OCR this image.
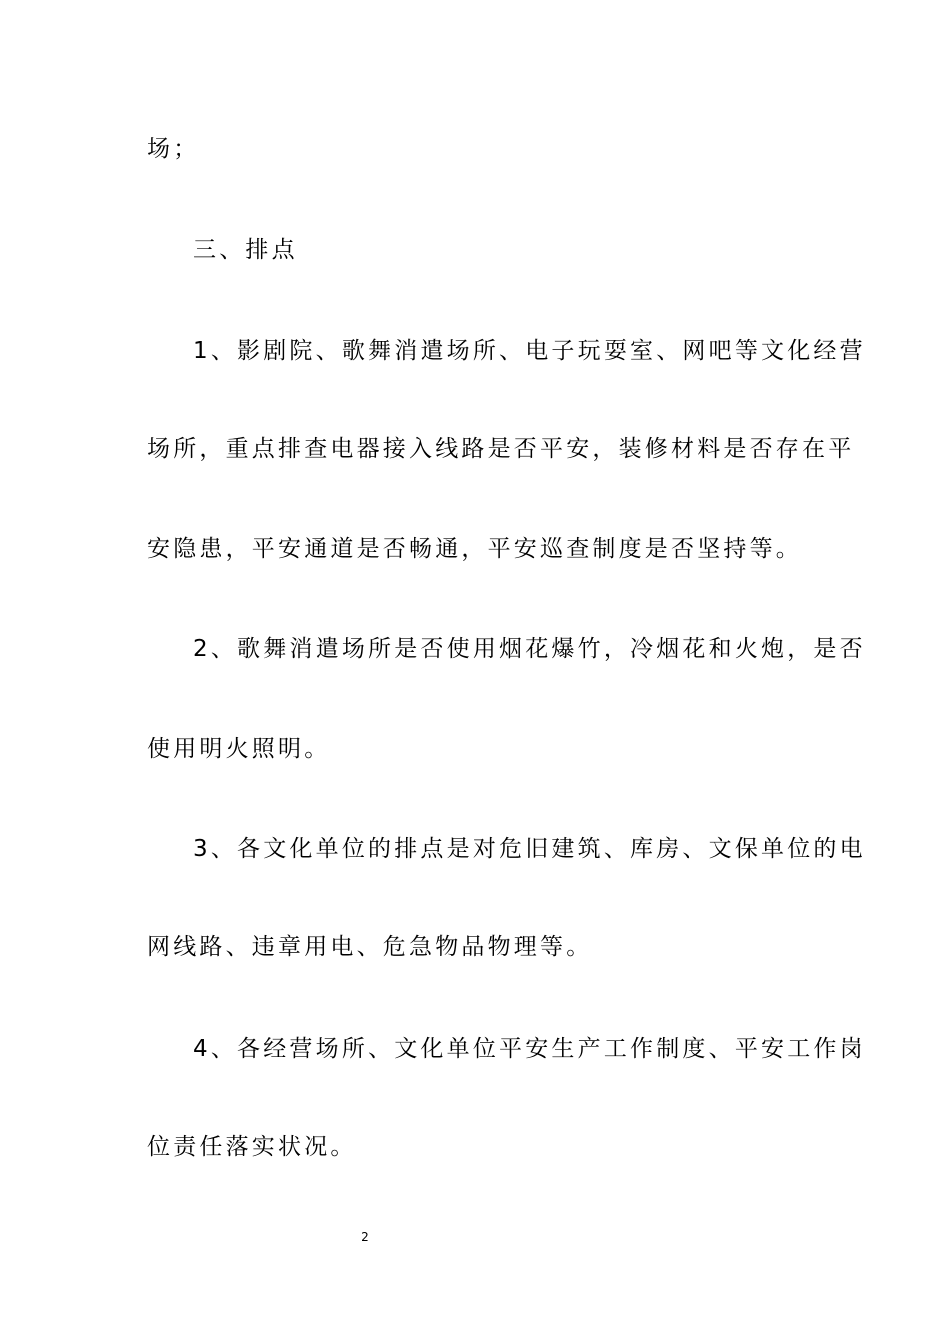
场；
三、排点
1、影剧院、歌舞消遣场所、电子玩耍室、网吧等文化经营
场所，重点排查电器接入线路是否平安，装修材料是否存在平
安隐患，平安通道是否畅通，平安巡查制度是否坚持等。
2、歌舞消遣场所是否使用烟花爆竹，冷烟花和火炮，是否
使用明火照明。
3、各文化单位的排点是对危旧建筑、库房、文保单位的电
网线路、违章用电、危急物品物理等。
4、各经营场所、文化单位平安生产工作制度、平安工作岗
位责任落实状况。
2
